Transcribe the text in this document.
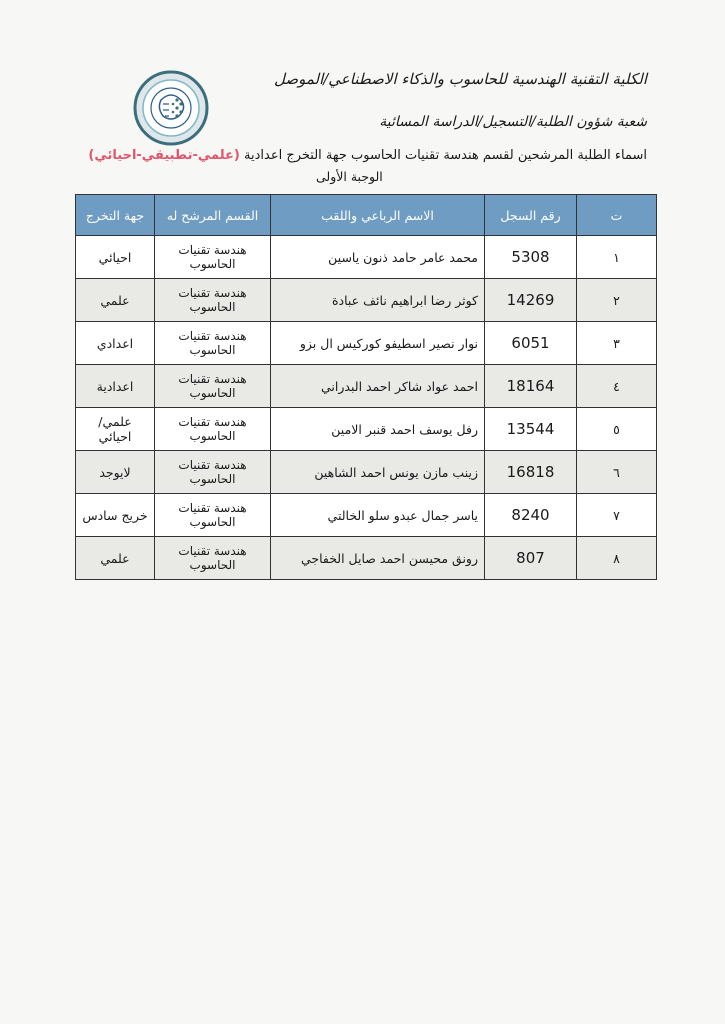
الكلية التقنية الهندسية للحاسوب والذكاء الاصطناعي/الموصل
شعبة شؤون الطلبة/التسجيل/الدراسة المسائية
اسماء الطلبة المرشحين لقسم هندسة تقنيات الحاسوب جهة التخرج اعدادية (علمي-تطبيقي-احيائي)
الوجبة الأولى
ت	رقم السجل	الاسم الرباعي واللقب	القسم المرشح له	جهة التخرج
١	5308	محمد عامر حامد ذنون ياسين	هندسة تقنيات الحاسوب	احيائي
٢	14269	كوثر رضا ابراهيم نائف عبادة	هندسة تقنيات الحاسوب	علمي
٣	6051	نوار نصير اسطيفو كوركيس ال بزو	هندسة تقنيات الحاسوب	اعدادي
٤	18164	احمد عواد شاكر احمد البدراني	هندسة تقنيات الحاسوب	اعدادية
٥	13544	رفل يوسف احمد قنبر الامين	هندسة تقنيات الحاسوب	علمي/احيائي
٦	16818	زينب مازن يونس احمد الشاهين	هندسة تقنيات الحاسوب	لايوجد
٧	8240	ياسر جمال عبدو سلو الخالتي	هندسة تقنيات الحاسوب	خريج سادس
٨	807	رونق محيسن احمد صايل الخفاجي	هندسة تقنيات الحاسوب	علمي
